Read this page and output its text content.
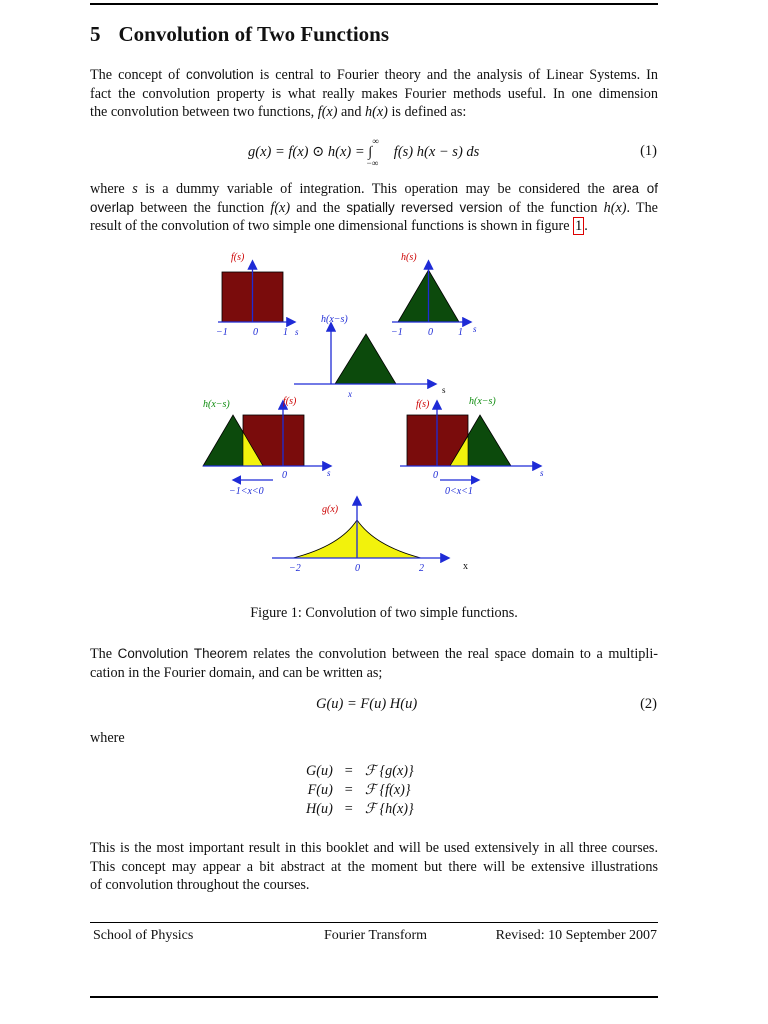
5 Convolution of Two Functions
The concept of convolution is central to Fourier theory and the analysis of Linear Systems. In
fact the convolution property is what really makes Fourier methods useful. In one dimension
the convolution between two functions, f(x) and h(x) is defined as:
g(x) = f(x) ⊙ $h(x) = \int^\infty_{-\infty}$ f(s) h(x − s) ds	(1)
where s is a dummy variable of integration. This operation may be considered the area of
overlap between the function f(x) and the spatially reversed version of the function h(x). The
result of the convolution of two simple one dimensional functions is shown in figure 1 .
f(s)
−1	0	1 s
h(s)
−1	0	1 s
h(x−s)
x	s
h(x−s)	f(s)
0	s
−1<x<0
f(s)	h(x−s)
0	s
0<x<1
g(x)
−2	0	2	x
Figure 1: Convolution of two simple functions.
The Convolution Theorem relates the convolution between the real space domain to a multipli-
cation in the Fourier domain, and can be written as;
G(u) = F(u) H(u)	(2)
where
G(u)	=	ℱ {g(x)}
F(u)	=	ℱ {f(x)}
H(u)	=	ℱ {h(x)}
This is the most important result in this booklet and will be used extensively in all three courses.
This concept may appear a bit abstract at the moment but there will be extensive illustrations
of convolution throughout the courses.
School of Physics	Fourier Transform	Revised: 10 September 2007
